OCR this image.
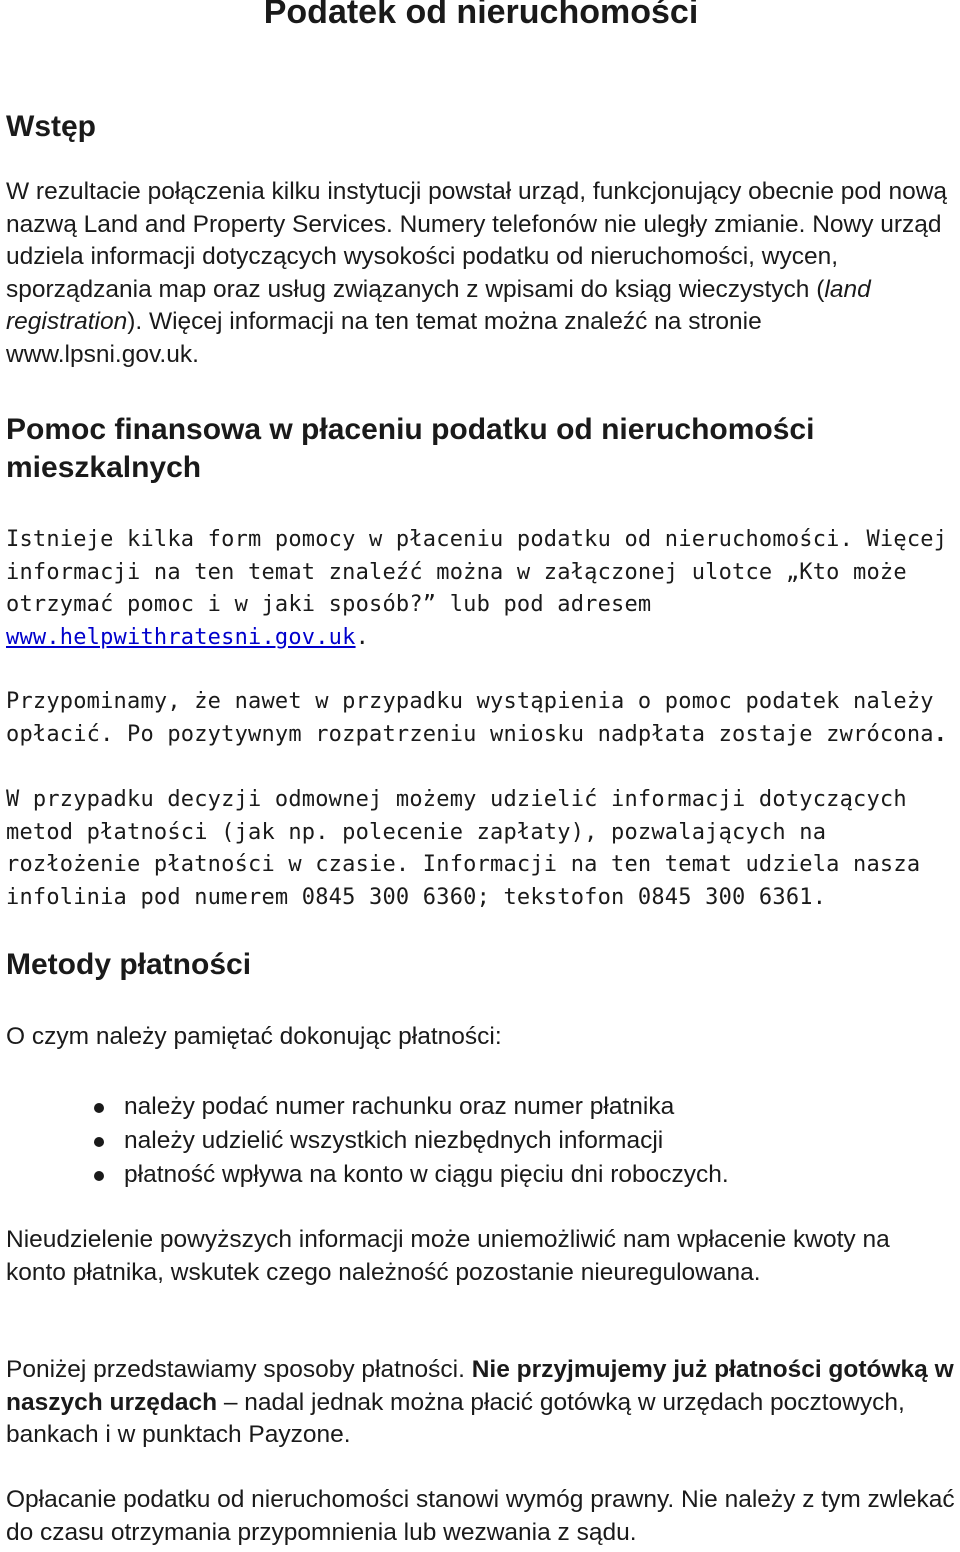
Podatek od nieruchomości
Wstęp

W rezultacie połączenia kilku instytucji powstał urząd, funkcjonujący obecnie pod nową nazwą Land and Property Services. Numery telefonów nie uległy zmianie. Nowy urząd udziela informacji dotyczących wysokości podatku od nieruchomości, wycen, sporządzania map oraz usług związanych z wpisami do ksiąg wieczystych (land registration). Więcej informacji na ten temat można znaleźć na stronie www.lpsni.gov.uk.

Pomoc finansowa w płaceniu podatku od nieruchomości mieszkalnych

Istnieje kilka form pomocy w płaceniu podatku od nieruchomości. Więcej informacji na ten temat znaleźć można w załączonej ulotce „Kto może otrzymać pomoc i w jaki sposób?” lub pod adresem www.helpwithratesni.gov.uk.

Przypominamy, że nawet w przypadku wystąpienia o pomoc podatek należy opłacić. Po pozytywnym rozpatrzeniu wniosku nadpłata zostaje zwrócona.

W przypadku decyzji odmownej możemy udzielić informacji dotyczących metod płatności (jak np. polecenie zapłaty), pozwalających na rozłożenie płatności w czasie. Informacji na ten temat udziela nasza infolinia pod numerem 0845 300 6360; tekstofon 0845 300 6361.

Metody płatności

O czym należy pamiętać dokonując płatności:

należy podać numer rachunku oraz numer płatnika
należy udzielić wszystkich niezbędnych informacji
płatność wpływa na konto w ciągu pięciu dni roboczych.

Nieudzielenie powyższych informacji może uniemożliwić nam wpłacenie kwoty na konto płatnika, wskutek czego należność pozostanie nieuregulowana.

Poniżej przedstawiamy sposoby płatności. Nie przyjmujemy już płatności gotówką w naszych urzędach – nadal jednak można płacić gotówką w urzędach pocztowych, bankach i w punktach Payzone.

Opłacanie podatku od nieruchomości stanowi wymóg prawny. Nie należy z tym zwlekać do czasu otrzymania przypomnienia lub wezwania z sądu.
